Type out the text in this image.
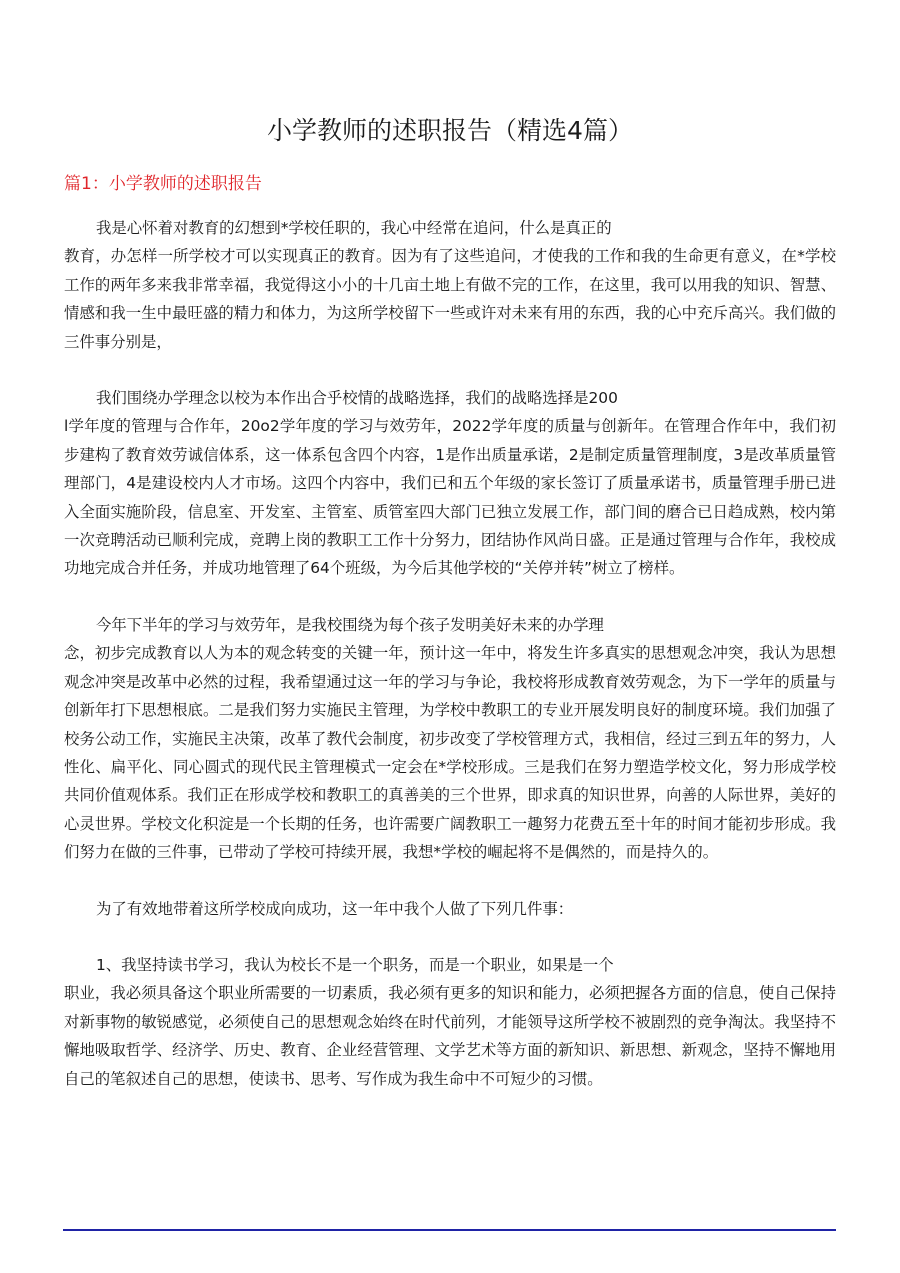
小学教师的述职报告（精选4篇）
篇1：小学教师的述职报告

我是心怀着对教育的幻想到*学校任职的，我心中经常在追问，什么是真正的
教育，办怎样一所学校才可以实现真正的教育。因为有了这些追问，才使我的工作和我的生命更有意义，在*学校工作的两年多来我非常幸福，我觉得这小小的十几亩土地上有做不完的工作，在这里，我可以用我的知识、智慧、情感和我一生中最旺盛的精力和体力，为这所学校留下一些或许对未来有用的东西，我的心中充斥高兴。我们做的三件事分别是，

我们围绕办学理念以校为本作出合乎校情的战略选择，我们的战略选择是200
l学年度的管理与合作年，20o2学年度的学习与效劳年，2022学年度的质量与创新年。在管理合作年中，我们初步建构了教育效劳诚信体系，这一体系包含四个内容，1是作出质量承诺，2是制定质量管理制度，3是改革质量管理部门，4是建设校内人才市场。这四个内容中，我们已和五个年级的家长签订了质量承诺书，质量管理手册已进入全面实施阶段，信息室、开发室、主管室、质管室四大部门已独立发展工作，部门间的磨合已日趋成熟，校内第一次竞聘活动已顺利完成，竞聘上岗的教职工工作十分努力，团结协作风尚日盛。正是通过管理与合作年，我校成功地完成合并任务，并成功地管理了64个班级，为今后其他学校的“关停并转”树立了榜样。

今年下半年的学习与效劳年，是我校围绕为每个孩子发明美好未来的办学理
念，初步完成教育以人为本的观念转变的关键一年，预计这一年中，将发生许多真实的思想观念冲突，我认为思想观念冲突是改革中必然的过程，我希望通过这一年的学习与争论，我校将形成教育效劳观念，为下一学年的质量与创新年打下思想根底。二是我们努力实施民主管理，为学校中教职工的专业开展发明良好的制度环境。我们加强了校务公动工作，实施民主决策，改革了教代会制度，初步改变了学校管理方式，我相信，经过三到五年的努力，人性化、扁平化、同心圆式的现代民主管理模式一定会在*学校形成。三是我们在努力塑造学校文化，努力形成学校共同价值观体系。我们正在形成学校和教职工的真善美的三个世界，即求真的知识世界，向善的人际世界，美好的心灵世界。学校文化积淀是一个长期的任务，也许需要广阔教职工一趣努力花费五至十年的时间才能初步形成。我们努力在做的三件事，已带动了学校可持续开展，我想*学校的崛起将不是偶然的，而是持久的。

为了有效地带着这所学校成向成功，这一年中我个人做了下列几件事：

1、我坚持读书学习，我认为校长不是一个职务，而是一个职业，如果是一个
职业，我必须具备这个职业所需要的一切素质，我必须有更多的知识和能力，必须把握各方面的信息，使自己保持对新事物的敏锐感觉，必须使自己的思想观念始终在时代前列，才能领导这所学校不被剧烈的竞争淘汰。我坚持不懈地吸取哲学、经济学、历史、教育、企业经营管理、文学艺术等方面的新知识、新思想、新观念，坚持不懈地用自己的笔叙述自己的思想，使读书、思考、写作成为我生命中不可短少的习惯。
